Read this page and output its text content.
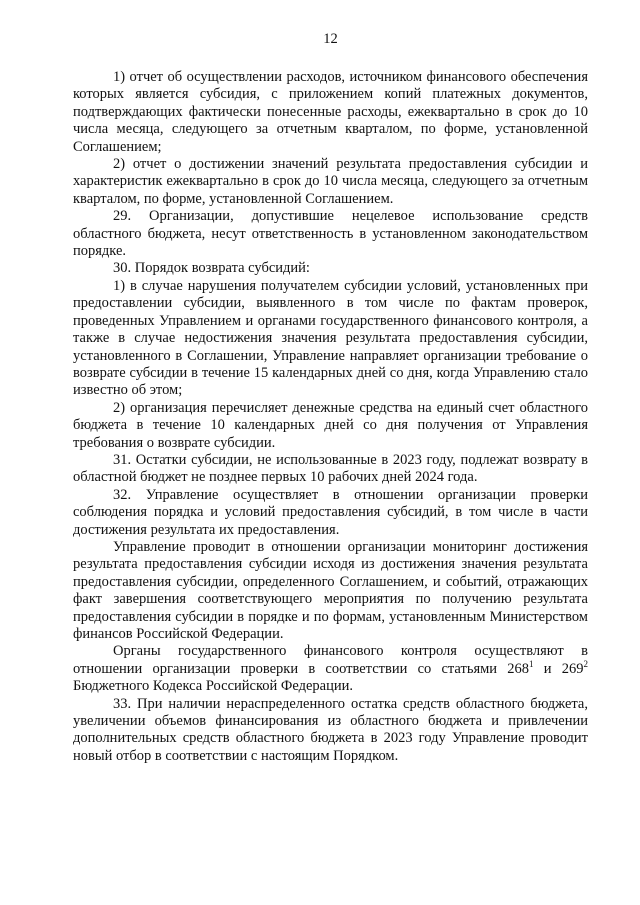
12

1) отчет об осуществлении расходов, источником финансового обеспечения которых является субсидия, с приложением копий платежных документов, подтверждающих фактически понесенные расходы, ежеквартально в срок до 10 числа месяца, следующего за отчетным кварталом, по форме, установленной Соглашением;

2) отчет о достижении значений результата предоставления субсидии и характеристик ежеквартально в срок до 10 числа месяца, следующего за отчетным кварталом, по форме, установленной Соглашением.

29. Организации, допустившие нецелевое использование средств областного бюджета, несут ответственность в установленном законодательством порядке.

30. Порядок возврата субсидий:

1) в случае нарушения получателем субсидии условий, установленных при предоставлении субсидии, выявленного в том числе по фактам проверок, проведенных Управлением и органами государственного финансового контроля, а также в случае недостижения значения результата предоставления субсидии, установленного в Соглашении, Управление направляет организации требование о возврате субсидии в течение 15 календарных дней со дня, когда Управлению стало известно об этом;

2) организация перечисляет денежные средства на единый счет областного бюджета в течение 10 календарных дней со дня получения от Управления требования о возврате субсидии.

31. Остатки субсидии, не использованные в 2023 году, подлежат возврату в областной бюджет не позднее первых 10 рабочих дней 2024 года.

32. Управление осуществляет в отношении организации проверки соблюдения порядка и условий предоставления субсидий, в том числе в части достижения результата их предоставления.

Управление проводит в отношении организации мониторинг достижения результата предоставления субсидии исходя из достижения значения результата предоставления субсидии, определенного Соглашением, и событий, отражающих факт завершения соответствующего мероприятия по получению результата предоставления субсидии в порядке и по формам, установленным Министерством финансов Российской Федерации.

Органы государственного финансового контроля осуществляют в отношении организации проверки в соответствии со статьями $268^1$ и $269^2$ Бюджетного Кодекса Российской Федерации.

33. При наличии нераспределенного остатка средств областного бюджета, увеличении объемов финансирования из областного бюджета и привлечении дополнительных средств областного бюджета в 2023 году Управление проводит новый отбор в соответствии с настоящим Порядком.
